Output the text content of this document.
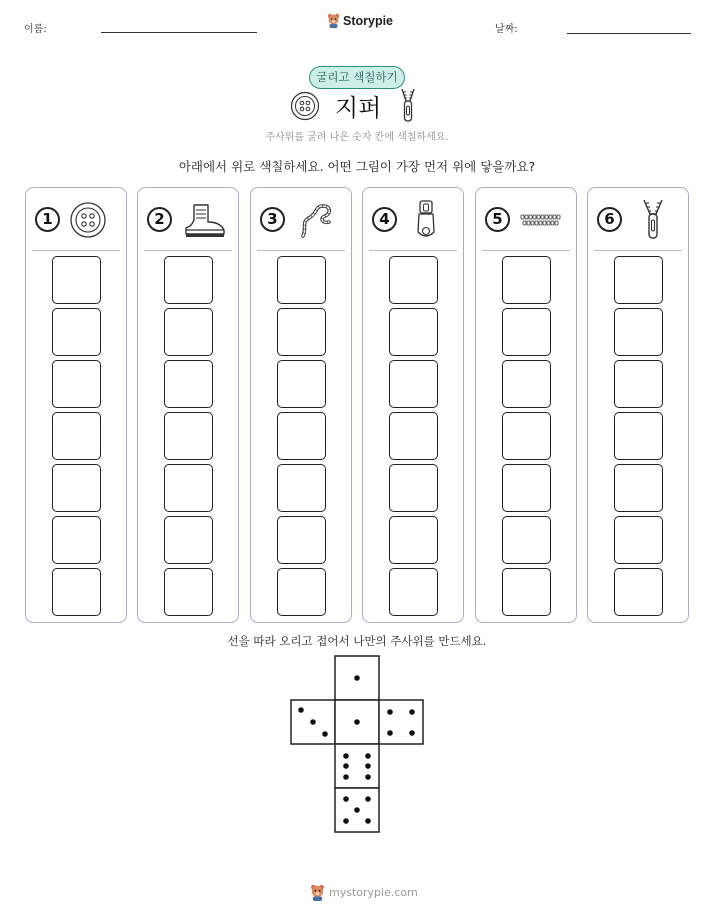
이름:
Storypie
날짜:
굴리고 색칠하기
지퍼
주사위를 굴려 나온 숫자 칸에 색칠하세요.
아래에서 위로 색칠하세요. 어떤 그림이 가장 먼저 위에 닿을까요?
1	2	3	4	5	6
선을 따라 오리고 접어서 나만의 주사위를 만드세요.
mystorypie.com
